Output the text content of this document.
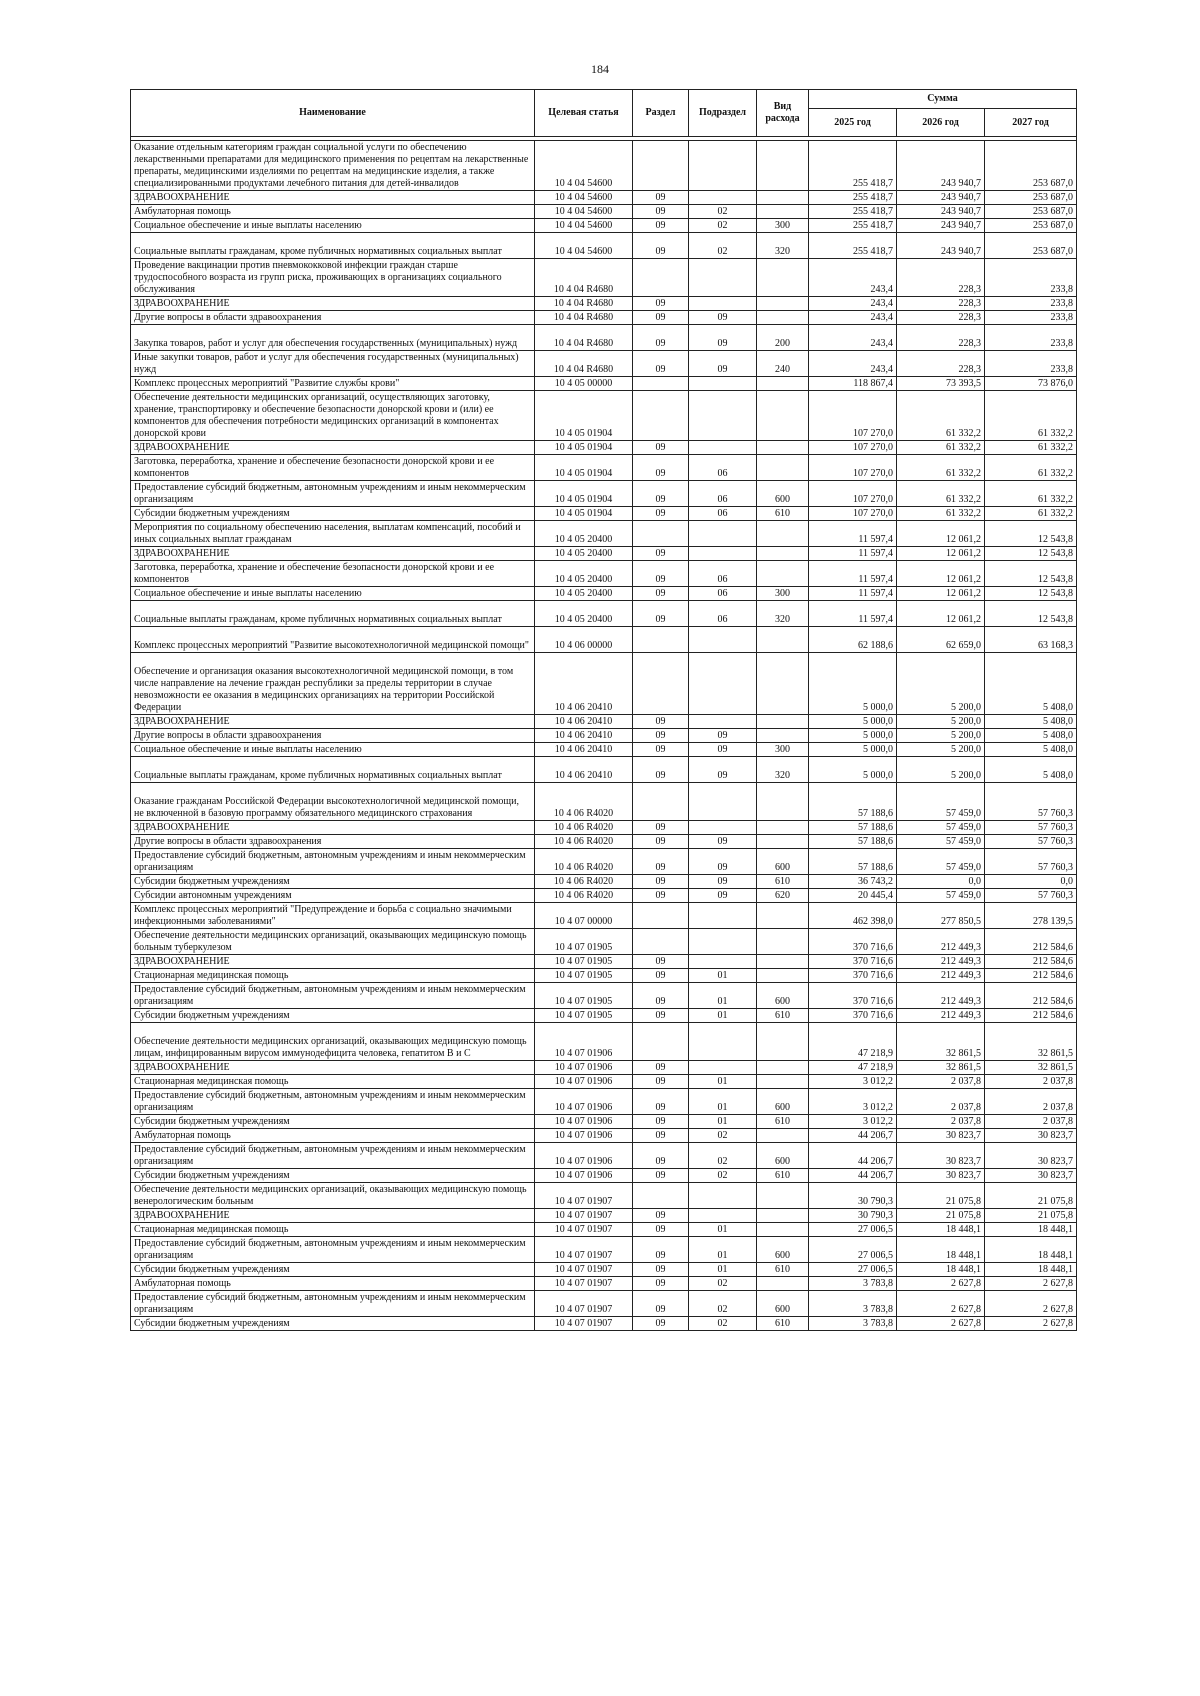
184
Наименование	Целевая статья	Раздел	Подраздел	Вид расхода	Сумма		
					2025 год	2026 год	2027 год

Оказание отдельным категориям граждан социальной услуги по обеспечению лекарственными препаратами для медицинского применения по рецептам на лекарственные препараты, медицинскими изделиями по рецептам на медицинские изделия, а также специализированными продуктами лечебного питания для детей-инвалидов	10 4 04 54600				255 418,7	243 940,7	253 687,0
ЗДРАВООХРАНЕНИЕ	10 4 04 54600	09			255 418,7	243 940,7	253 687,0
Амбулаторная помощь	10 4 04 54600	09	02		255 418,7	243 940,7	253 687,0
Социальное обеспечение и иные выплаты населению	10 4 04 54600	09	02	300	255 418,7	243 940,7	253 687,0
Социальные выплаты гражданам, кроме публичных нормативных социальных выплат	10 4 04 54600	09	02	320	255 418,7	243 940,7	253 687,0
Проведение вакцинации против пневмококковой инфекции граждан старше трудоспособного возраста из групп риска, проживающих в организациях социального обслуживания	10 4 04 R4680				243,4	228,3	233,8
ЗДРАВООХРАНЕНИЕ	10 4 04 R4680	09			243,4	228,3	233,8
Другие вопросы в области здравоохранения	10 4 04 R4680	09	09		243,4	228,3	233,8
Закупка товаров, работ и услуг для обеспечения государственных (муниципальных) нужд	10 4 04 R4680	09	09	200	243,4	228,3	233,8
Иные закупки товаров, работ и услуг для обеспечения государственных (муниципальных) нужд	10 4 04 R4680	09	09	240	243,4	228,3	233,8
Комплекс процессных мероприятий "Развитие службы крови"	10 4 05 00000				118 867,4	73 393,5	73 876,0
Обеспечение деятельности медицинских организаций, осуществляющих заготовку, хранение, транспортировку и обеспечение безопасности донорской крови и (или) ее компонентов для обеспечения потребности медицинских организаций в компонентах донорской крови	10 4 05 01904				107 270,0	61 332,2	61 332,2
ЗДРАВООХРАНЕНИЕ	10 4 05 01904	09			107 270,0	61 332,2	61 332,2
Заготовка, переработка, хранение и обеспечение безопасности донорской крови и ее компонентов	10 4 05 01904	09	06		107 270,0	61 332,2	61 332,2
Предоставление субсидий бюджетным, автономным учреждениям и иным некоммерческим организациям	10 4 05 01904	09	06	600	107 270,0	61 332,2	61 332,2
Субсидии бюджетным учреждениям	10 4 05 01904	09	06	610	107 270,0	61 332,2	61 332,2
Мероприятия по социальному обеспечению населения, выплатам компенсаций, пособий и иных социальных выплат гражданам	10 4 05 20400				11 597,4	12 061,2	12 543,8
ЗДРАВООХРАНЕНИЕ	10 4 05 20400	09			11 597,4	12 061,2	12 543,8
Заготовка, переработка, хранение и обеспечение безопасности донорской крови и ее компонентов	10 4 05 20400	09	06		11 597,4	12 061,2	12 543,8
Социальное обеспечение и иные выплаты населению	10 4 05 20400	09	06	300	11 597,4	12 061,2	12 543,8
Социальные выплаты гражданам, кроме публичных нормативных социальных выплат	10 4 05 20400	09	06	320	11 597,4	12 061,2	12 543,8
Комплекс процессных мероприятий "Развитие высокотехнологичной медицинской помощи"	10 4 06 00000				62 188,6	62 659,0	63 168,3
Обеспечение и организация оказания высокотехнологичной медицинской помощи, в том числе направление на лечение граждан республики за пределы территории в случае невозможности ее оказания в медицинских организациях на территории Российской Федерации	10 4 06 20410				5 000,0	5 200,0	5 408,0
ЗДРАВООХРАНЕНИЕ	10 4 06 20410	09			5 000,0	5 200,0	5 408,0
Другие вопросы в области здравоохранения	10 4 06 20410	09	09		5 000,0	5 200,0	5 408,0
Социальное обеспечение и иные выплаты населению	10 4 06 20410	09	09	300	5 000,0	5 200,0	5 408,0
Социальные выплаты гражданам, кроме публичных нормативных социальных выплат	10 4 06 20410	09	09	320	5 000,0	5 200,0	5 408,0
Оказание гражданам Российской Федерации высокотехнологичной медицинской помощи, не включенной в базовую программу обязательного медицинского страхования	10 4 06 R4020				57 188,6	57 459,0	57 760,3
ЗДРАВООХРАНЕНИЕ	10 4 06 R4020	09			57 188,6	57 459,0	57 760,3
Другие вопросы в области здравоохранения	10 4 06 R4020	09	09		57 188,6	57 459,0	57 760,3
Предоставление субсидий бюджетным, автономным учреждениям и иным некоммерческим организациям	10 4 06 R4020	09	09	600	57 188,6	57 459,0	57 760,3
Субсидии бюджетным учреждениям	10 4 06 R4020	09	09	610	36 743,2	0,0	0,0
Субсидии автономным учреждениям	10 4 06 R4020	09	09	620	20 445,4	57 459,0	57 760,3
Комплекс процессных мероприятий "Предупреждение и борьба с социально значимыми инфекционными заболеваниями"	10 4 07 00000				462 398,0	277 850,5	278 139,5
Обеспечение деятельности медицинских организаций, оказывающих медицинскую помощь больным туберкулезом	10 4 07 01905				370 716,6	212 449,3	212 584,6
ЗДРАВООХРАНЕНИЕ	10 4 07 01905	09			370 716,6	212 449,3	212 584,6
Стационарная медицинская помощь	10 4 07 01905	09	01		370 716,6	212 449,3	212 584,6
Предоставление субсидий бюджетным, автономным учреждениям и иным некоммерческим организациям	10 4 07 01905	09	01	600	370 716,6	212 449,3	212 584,6
Субсидии бюджетным учреждениям	10 4 07 01905	09	01	610	370 716,6	212 449,3	212 584,6
Обеспечение деятельности медицинских организаций, оказывающих медицинскую помощь лицам, инфицированным вирусом иммунодефицита человека, гепатитом В и С	10 4 07 01906				47 218,9	32 861,5	32 861,5
ЗДРАВООХРАНЕНИЕ	10 4 07 01906	09			47 218,9	32 861,5	32 861,5
Стационарная медицинская помощь	10 4 07 01906	09	01		3 012,2	2 037,8	2 037,8
Предоставление субсидий бюджетным, автономным учреждениям и иным некоммерческим организациям	10 4 07 01906	09	01	600	3 012,2	2 037,8	2 037,8
Субсидии бюджетным учреждениям	10 4 07 01906	09	01	610	3 012,2	2 037,8	2 037,8
Амбулаторная помощь	10 4 07 01906	09	02		44 206,7	30 823,7	30 823,7
Предоставление субсидий бюджетным, автономным учреждениям и иным некоммерческим организациям	10 4 07 01906	09	02	600	44 206,7	30 823,7	30 823,7
Субсидии бюджетным учреждениям	10 4 07 01906	09	02	610	44 206,7	30 823,7	30 823,7
Обеспечение деятельности медицинских организаций, оказывающих медицинскую помощь венерологическим больным	10 4 07 01907				30 790,3	21 075,8	21 075,8
ЗДРАВООХРАНЕНИЕ	10 4 07 01907	09			30 790,3	21 075,8	21 075,8
Стационарная медицинская помощь	10 4 07 01907	09	01		27 006,5	18 448,1	18 448,1
Предоставление субсидий бюджетным, автономным учреждениям и иным некоммерческим организациям	10 4 07 01907	09	01	600	27 006,5	18 448,1	18 448,1
Субсидии бюджетным учреждениям	10 4 07 01907	09	01	610	27 006,5	18 448,1	18 448,1
Амбулаторная помощь	10 4 07 01907	09	02		3 783,8	2 627,8	2 627,8
Предоставление субсидий бюджетным, автономным учреждениям и иным некоммерческим организациям	10 4 07 01907	09	02	600	3 783,8	2 627,8	2 627,8
Субсидии бюджетным учреждениям	10 4 07 01907	09	02	610	3 783,8	2 627,8	2 627,8
